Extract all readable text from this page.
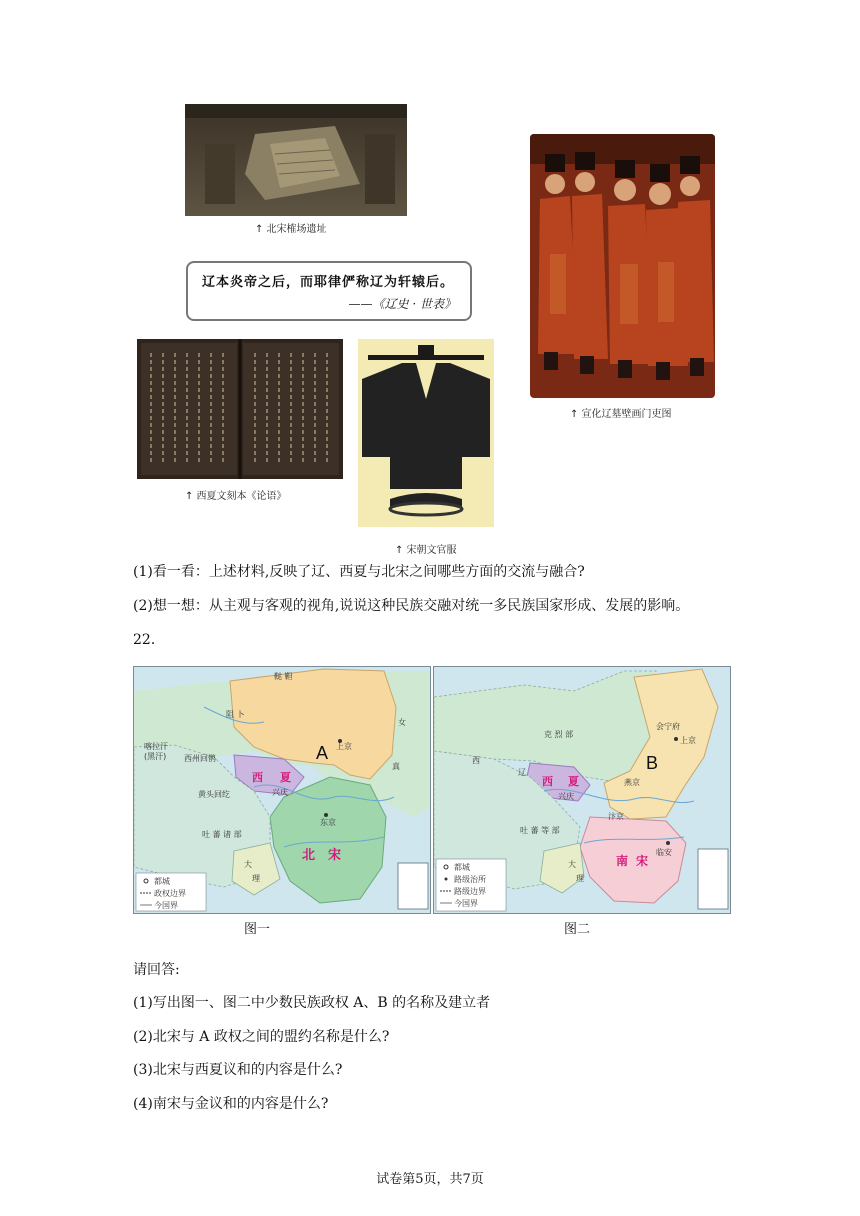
↑ 北宋榷场遗址
辽本炎帝之后，而耶律俨称辽为轩辕后。
——《辽史 · 世表》
↑ 宣化辽墓壁画门吏图
↑ 西夏文刻本《论语》
↑ 宋朝文官服
(1)看一看：上述材料,反映了辽、西夏与北宋之间哪些方面的交流与融合?
(2)想一想：从主观与客观的视角,说说这种民族交融对统一多民族国家形成、发展的影响。
22．
鞑 靼
阻 卜
A 上京
女
真
喀拉汗
(黑汗) 西州回鹘
黄头回纥
西 夏
兴庆
东京
吐 蕃 诸 部
北 宋
大
理
都城
政权边界
今国界
图一
西
辽
克 烈 部
B
会宁府
上京
燕京
汴京
西 夏
兴庆
吐 蕃 等 部
南 宋
临安
大
理
都城
路级治所
路级边界
今国界
图二
请回答:
(1)写出图一、图二中少数民族政权 A、B 的名称及建立者
(2)北宋与 A 政权之间的盟约名称是什么?
(3)北宋与西夏议和的内容是什么?
(4)南宋与金议和的内容是什么?
试卷第5页，共7页
